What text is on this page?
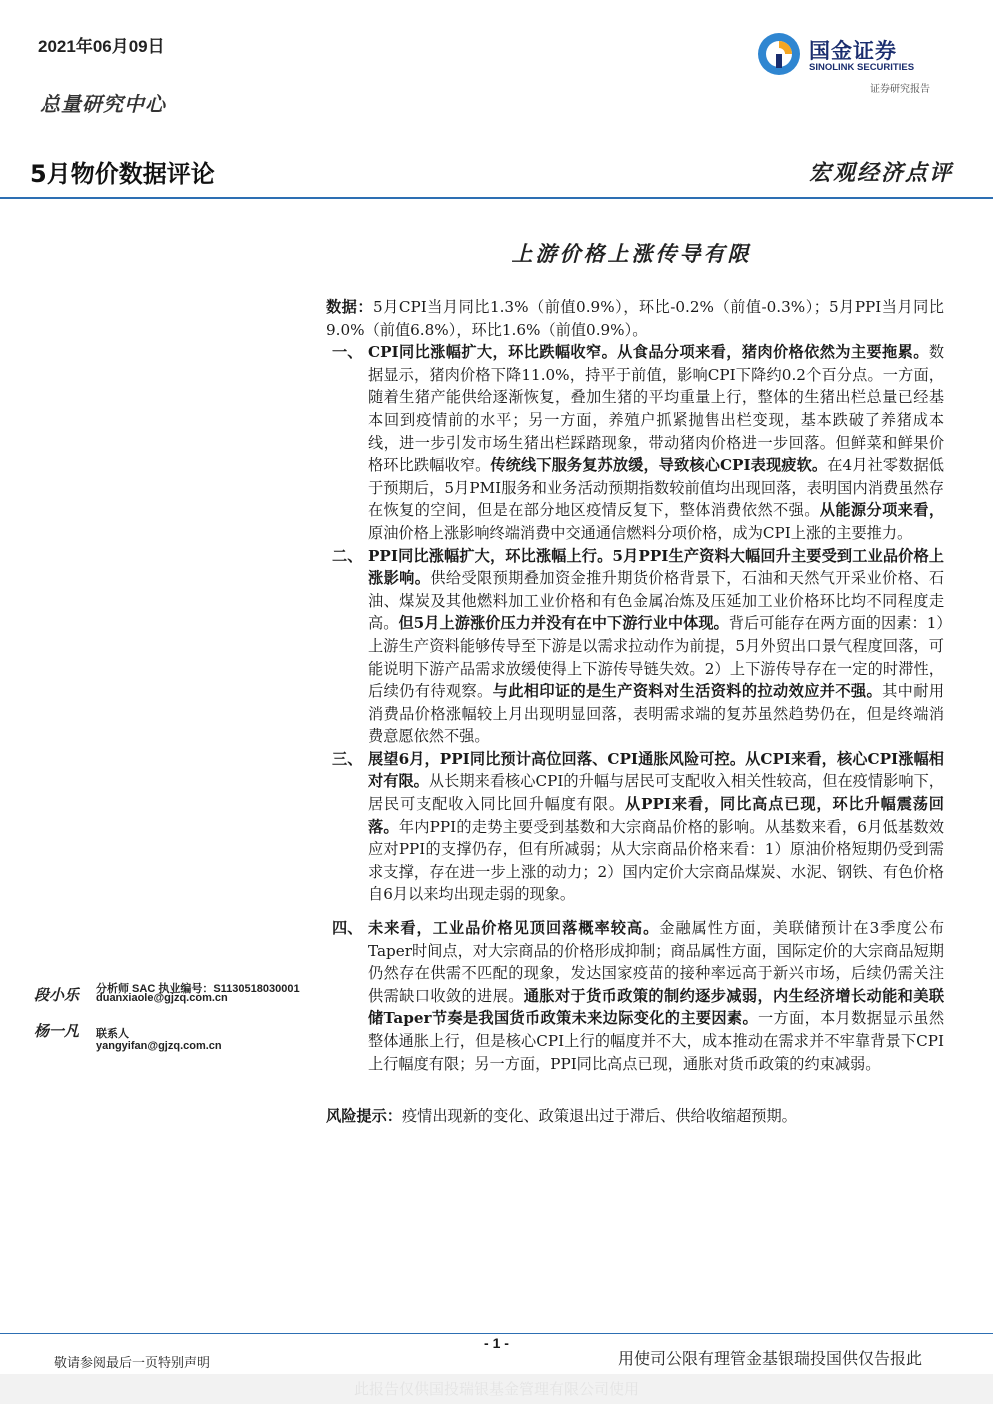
2021年06月09日
总量研究中心
国金证券
SINOLINK SECURITIES
证券研究报告
5月物价数据评论	宏观经济点评
上游价格上涨传导有限

数据：5月CPI当月同比1.3%（前值0.9%），环比-0.2%（前值-0.3%）；5月PPI当月同比9.0%（前值6.8%），环比1.6%（前值0.9%）。

一、 CPI同比涨幅扩大，环比跌幅收窄。从食品分项来看，猪肉价格依然为主要拖累。数据显示，猪肉价格下降11.0%，持平于前值，影响CPI下降约0.2个百分点。一方面，随着生猪产能供给逐渐恢复，叠加生猪的平均重量上行，整体的生猪出栏总量已经基本回到疫情前的水平；另一方面，养殖户抓紧抛售出栏变现，基本跌破了养猪成本线，进一步引发市场生猪出栏踩踏现象，带动猪肉价格进一步回落。但鲜菜和鲜果价格环比跌幅收窄。传统线下服务复苏放缓，导致核心CPI表现疲软。在4月社零数据低于预期后，5月PMI服务和业务活动预期指数较前值均出现回落，表明国内消费虽然存在恢复的空间，但是在部分地区疫情反复下，整体消费依然不强。从能源分项来看，原油价格上涨影响终端消费中交通通信燃料分项价格，成为CPI上涨的主要推力。
二、 PPI同比涨幅扩大，环比涨幅上行。5月PPI生产资料大幅回升主要受到工业品价格上涨影响。供给受限预期叠加资金推升期货价格背景下，石油和天然气开采业价格、石油、煤炭及其他燃料加工业价格和有色金属冶炼及压延加工业价格环比均不同程度走高。但5月上游涨价压力并没有在中下游行业中体现。背后可能存在两方面的因素：1）上游生产资料能够传导至下游是以需求拉动作为前提，5月外贸出口景气程度回落，可能说明下游产品需求放缓使得上下游传导链失效。2）上下游传导存在一定的时滞性，后续仍有待观察。与此相印证的是生产资料对生活资料的拉动效应并不强。其中耐用消费品价格涨幅较上月出现明显回落，表明需求端的复苏虽然趋势仍在，但是终端消费意愿依然不强。
三、 展望6月，PPI同比预计高位回落、CPI通胀风险可控。从CPI来看，核心CPI涨幅相对有限。从长期来看核心CPI的升幅与居民可支配收入相关性较高，但在疫情影响下，居民可支配收入同比回升幅度有限。从PPI来看，同比高点已现，环比升幅震荡回落。年内PPI的走势主要受到基数和大宗商品价格的影响。从基数来看，6月低基数效应对PPI的支撑仍存，但有所减弱；从大宗商品价格来看：1）原油价格短期仍受到需求支撑，存在进一步上涨的动力；2）国内定价大宗商品煤炭、水泥、钢铁、有色价格自6月以来均出现走弱的现象。
四、 未来看，工业品价格见顶回落概率较高。金融属性方面，美联储预计在3季度公布Taper时间点，对大宗商品的价格形成抑制；商品属性方面，国际定价的大宗商品短期仍然存在供需不匹配的现象，发达国家疫苗的接种率远高于新兴市场，后续仍需关注供需缺口收敛的进展。通胀对于货币政策的制约逐步减弱，内生经济增长动能和美联储Taper节奏是我国货币政策未来边际变化的主要因素。一方面，本月数据显示虽然整体通胀上行，但是核心CPI上行的幅度并不大，成本推动在需求并不牢靠背景下CPI上行幅度有限；另一方面，PPI同比高点已现，通胀对货币政策的约束减弱。

风险提示：疫情出现新的变化、政策退出过于滞后、供给收缩超预期。

段小乐 分析师 SAC 执业编号：S1130518030001
duanxiaole@gjzq.com.cn
杨一凡 联系人
yangyifan@gjzq.com.cn
- 1 -
敬请参阅最后一页特别声明	用使司公限有理管金基银瑞投国供仅告报此
此报告仅供国投瑞银基金管理有限公司使用
